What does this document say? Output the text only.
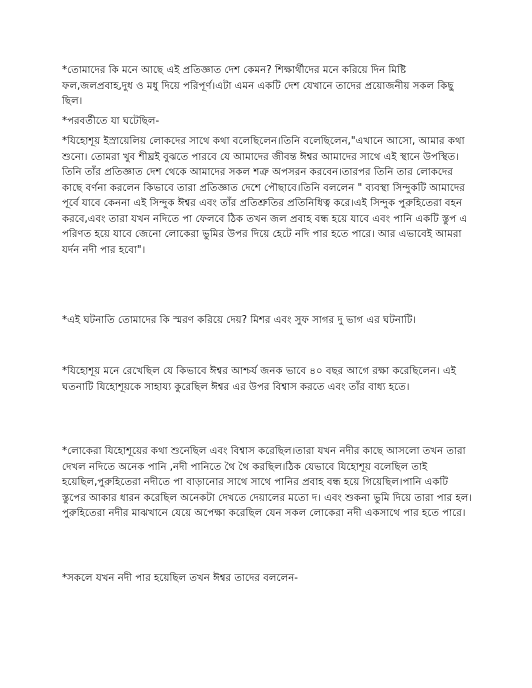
*তোমাদের কি মনে আছে এই প্রতিজ্ঞাত দেশ কেমন? শিক্ষার্থীদের মনে করিয়ে দিন মিষ্টি ফল,জলপ্রবাহ,দুধ ও মধু দিয়ে পরিপূর্ণ।এটা এমন একটি দেশ যেখানে তাদের প্রয়োজনীয় সকল কিছু ছিল।

*পরবর্তীতে যা ঘটেছিল-

*যিহোশূয় ইস্রায়েলিয় লোকদের সাথে কথা বলেছিলেন।তিনি বলেছিলেন,"এখানে আসো, আমার কথা শুনো। তোমরা খুব শীঘ্রই বুঝতে পারবে যে আমাদের জীবন্ত ঈশ্বর আমাদের সাথে এই স্থানে উপস্থিত।তিনি তাঁর প্রতিজ্ঞাত দেশ থেকে আমাদের সকল শত্রু অপসরন করবেন।তারপর তিনি তার লোকদের কাছে বর্ণনা করলেন কিভাবে তারা প্রতিজ্ঞাত দেশে পৌছাবে।তিনি বললেন " ব্যবস্থা সিন্দুকটি আমাদের পূর্বে যাবে কেননা এই সিন্দুক ঈশ্বর এবং তাঁর প্রতিশ্রুতির প্রতিনিধিত্ব করে।এই সিন্দুক পুরুহিতেরা বহন করবে,এবং তারা যখন নদিতে পা ফেলবে ঠিক তখন জল প্রবাহ বন্ধ হয়ে যাবে এবং পানি একটি স্তুপ এ পরিণত হয়ে যাবে জেনো লোকেরা ভুমির উপর দিয়ে হেটে নদি পার হতে পারে। আর এভাবেই আমরা যর্দন নদী পার হবো"।

*এই ঘটনাতি তোমাদের কি স্মরণ করিয়ে দেয়? মিশর এবং সুফ সাগর দু ভাগ এর ঘটনাটি।

*যিহোশূয় মনে রেখেছিল যে কিভাবে ঈশ্বর আশ্চর্য জনক ভাবে ৪০ বছর আগে রক্ষা করেছিলেন। এই ঘতনাটি যিহোশূয়কে সাহায্য কুরেছিল ঈশ্বর এর উপর বিশ্বাস করতে এবং তাঁর বাধ্য হতে।

*লোকেরা যিহোশূয়ের কথা শুনেছিল এবং বিশ্বাস করেছিল।তারা যখন নদীর কাছে আসলো তখন তারা দেখল নদিতে অনেক পানি ,নদী পানিতে থৈ থৈ করছিল।ঠিক যেভাবে যিহোশূয় বলেছিল তাই হয়েছিল,পুরুহিতেরা নদীতে পা বাড়ানোর সাথে সাথে পানির প্রবাহ বন্ধ হয়ে গিয়েছিল।পানি একটি স্তুপের আকার ধারন করেছিল অনেকটা দেখতে দেয়ালের মতো দ। এবং শুকনা ভুমি দিয়ে তারা পার হল।পুরুহিতেরা নদীর মাঝখানে যেয়ে অপেক্ষা করেছিল যেন সকল লোকেরা নদী একসাথে পার হতে পারে।

*সকলে যখন নদী পার হয়েছিল তখন ঈশ্বর তাদের বললেন-
